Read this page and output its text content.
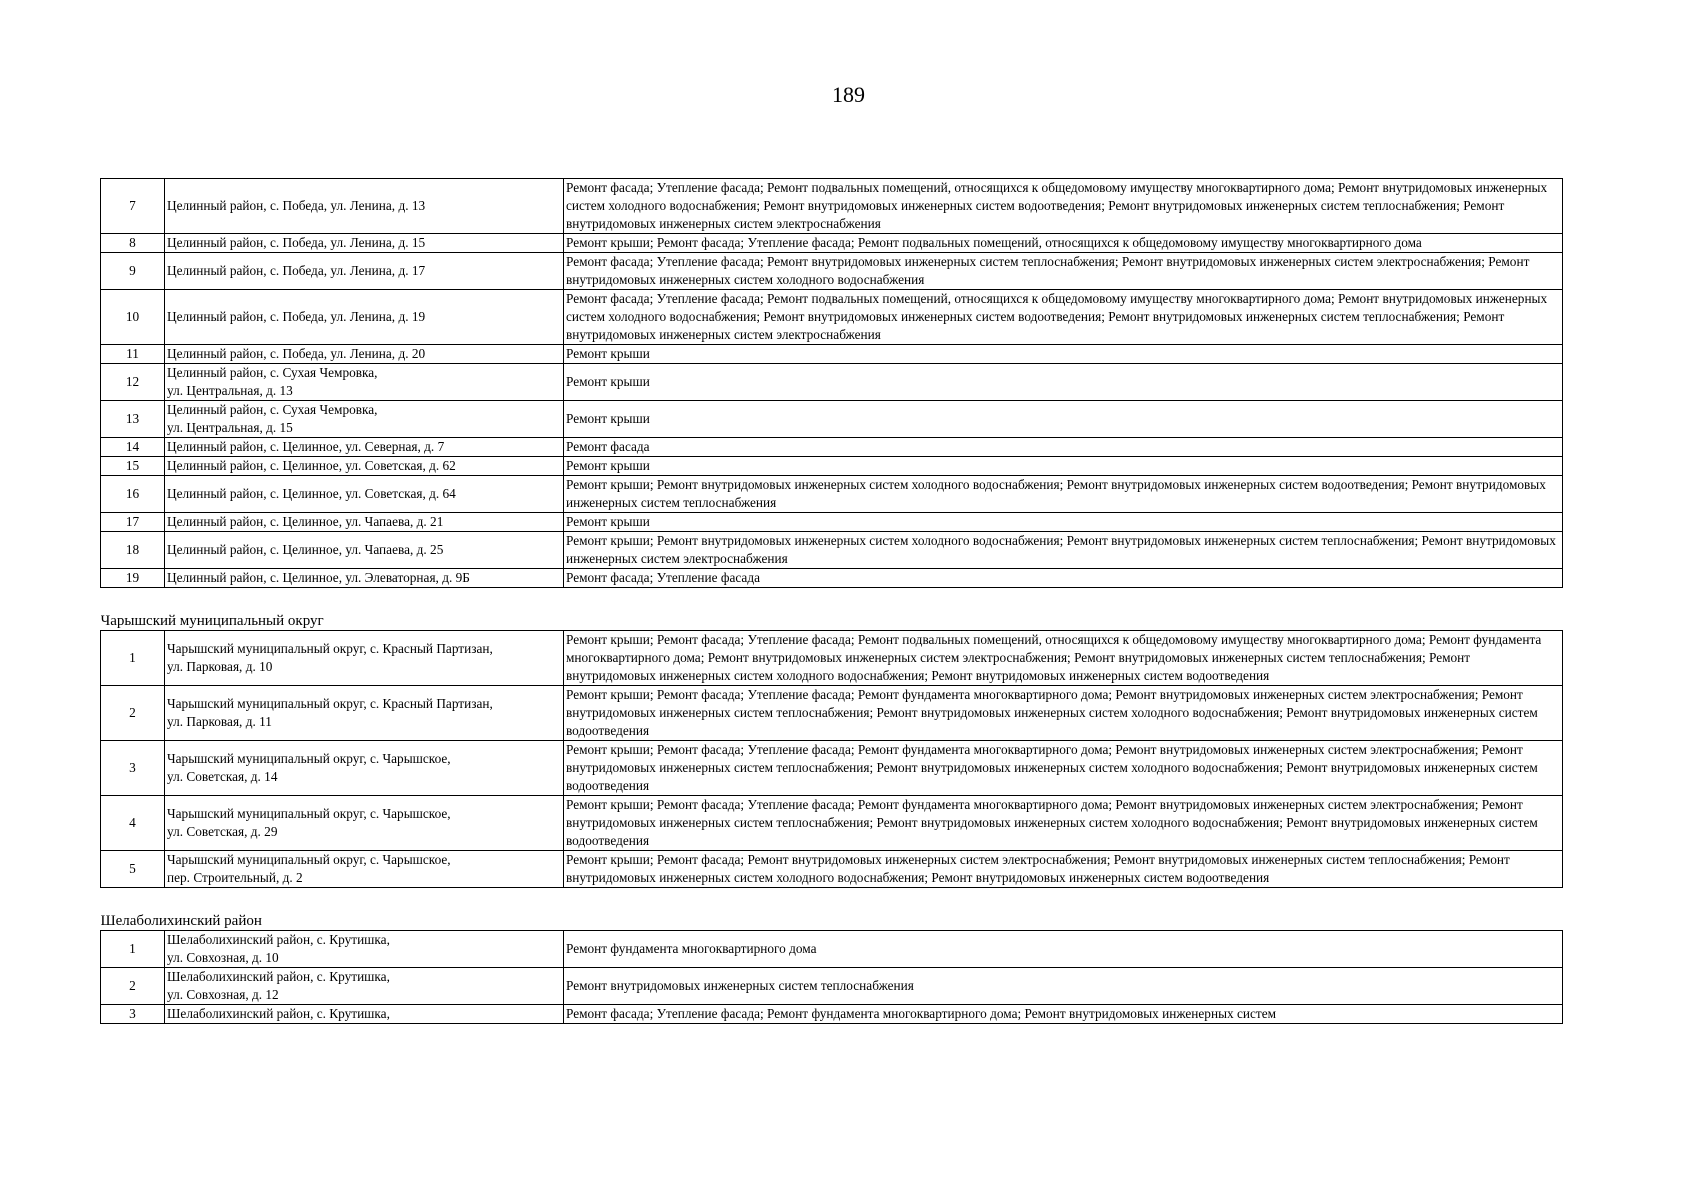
189
7	Целинный район, с. Победа, ул. Ленина, д. 13	Ремонт фасада; Утепление фасада; Ремонт подвальных помещений, относящихся к общедомовому имуществу многоквартирного дома; Ремонт внутридомовых инженерных систем холодного водоснабжения; Ремонт внутридомовых инженерных систем водоотведения; Ремонт внутридомовых инженерных систем теплоснабжения; Ремонт внутридомовых инженерных систем электроснабжения
8	Целинный район, с. Победа, ул. Ленина, д. 15	Ремонт крыши; Ремонт фасада; Утепление фасада; Ремонт подвальных помещений, относящихся к общедомовому имуществу многоквартирного дома
9	Целинный район, с. Победа, ул. Ленина, д. 17	Ремонт фасада; Утепление фасада; Ремонт внутридомовых инженерных систем теплоснабжения; Ремонт внутридомовых инженерных систем электроснабжения; Ремонт внутридомовых инженерных систем холодного водоснабжения
10	Целинный район, с. Победа, ул. Ленина, д. 19	Ремонт фасада; Утепление фасада; Ремонт подвальных помещений, относящихся к общедомовому имуществу многоквартирного дома; Ремонт внутридомовых инженерных систем холодного водоснабжения; Ремонт внутридомовых инженерных систем водоотведения; Ремонт внутридомовых инженерных систем теплоснабжения; Ремонт внутридомовых инженерных систем электроснабжения
11	Целинный район, с. Победа, ул. Ленина, д. 20	Ремонт крыши
12	Целинный район, с. Сухая Чемровка,
ул. Центральная, д. 13	Ремонт крыши
13	Целинный район, с. Сухая Чемровка,
ул. Центральная, д. 15	Ремонт крыши
14	Целинный район, с. Целинное, ул. Северная, д. 7	Ремонт фасада
15	Целинный район, с. Целинное, ул. Советская, д. 62	Ремонт крыши
16	Целинный район, с. Целинное, ул. Советская, д. 64	Ремонт крыши; Ремонт внутридомовых инженерных систем холодного водоснабжения; Ремонт внутридомовых инженерных систем водоотведения; Ремонт внутридомовых инженерных систем теплоснабжения
17	Целинный район, с. Целинное, ул. Чапаева, д. 21	Ремонт крыши
18	Целинный район, с. Целинное, ул. Чапаева, д. 25	Ремонт крыши; Ремонт внутридомовых инженерных систем холодного водоснабжения; Ремонт внутридомовых инженерных систем теплоснабжения; Ремонт внутридомовых инженерных систем электроснабжения
19	Целинный район, с. Целинное, ул. Элеваторная, д. 9Б	Ремонт фасада; Утепление фасада

Чарышский муниципальный округ		

1	Чарышский муниципальный округ, с. Красный Партизан,
ул. Парковая, д. 10	Ремонт крыши; Ремонт фасада; Утепление фасада; Ремонт подвальных помещений, относящихся к общедомовому имуществу многоквартирного дома; Ремонт фундамента многоквартирного дома; Ремонт внутридомовых инженерных систем электроснабжения; Ремонт внутридомовых инженерных систем теплоснабжения; Ремонт внутридомовых инженерных систем холодного водоснабжения; Ремонт внутридомовых инженерных систем водоотведения
2	Чарышский муниципальный округ, с. Красный Партизан,
ул. Парковая, д. 11	Ремонт крыши; Ремонт фасада; Утепление фасада; Ремонт фундамента многоквартирного дома; Ремонт внутридомовых инженерных систем электроснабжения; Ремонт внутридомовых инженерных систем теплоснабжения; Ремонт внутридомовых инженерных систем холодного водоснабжения; Ремонт внутридомовых инженерных систем водоотведения
3	Чарышский муниципальный округ, с. Чарышское,
ул. Советская, д. 14	Ремонт крыши; Ремонт фасада; Утепление фасада; Ремонт фундамента многоквартирного дома; Ремонт внутридомовых инженерных систем электроснабжения; Ремонт внутридомовых инженерных систем теплоснабжения; Ремонт внутридомовых инженерных систем холодного водоснабжения; Ремонт внутридомовых инженерных систем водоотведения
4	Чарышский муниципальный округ, с. Чарышское,
ул. Советская, д. 29	Ремонт крыши; Ремонт фасада; Утепление фасада; Ремонт фундамента многоквартирного дома; Ремонт внутридомовых инженерных систем электроснабжения; Ремонт внутридомовых инженерных систем теплоснабжения; Ремонт внутридомовых инженерных систем холодного водоснабжения; Ремонт внутридомовых инженерных систем водоотведения
5	Чарышский муниципальный округ, с. Чарышское,
пер. Строительный, д. 2	Ремонт крыши; Ремонт фасада; Ремонт внутридомовых инженерных систем электроснабжения; Ремонт внутридомовых инженерных систем теплоснабжения; Ремонт внутридомовых инженерных систем холодного водоснабжения; Ремонт внутридомовых инженерных систем водоотведения

Шелаболихинский район		

1	Шелаболихинский район, с. Крутишка,
ул. Совхозная, д. 10	Ремонт фундамента многоквартирного дома
2	Шелаболихинский район, с. Крутишка,
ул. Совхозная, д. 12	Ремонт внутридомовых инженерных систем теплоснабжения
3	Шелаболихинский район, с. Крутишка,	Ремонт фасада; Утепление фасада; Ремонт фундамента многоквартирного дома; Ремонт внутридомовых инженерных систем
